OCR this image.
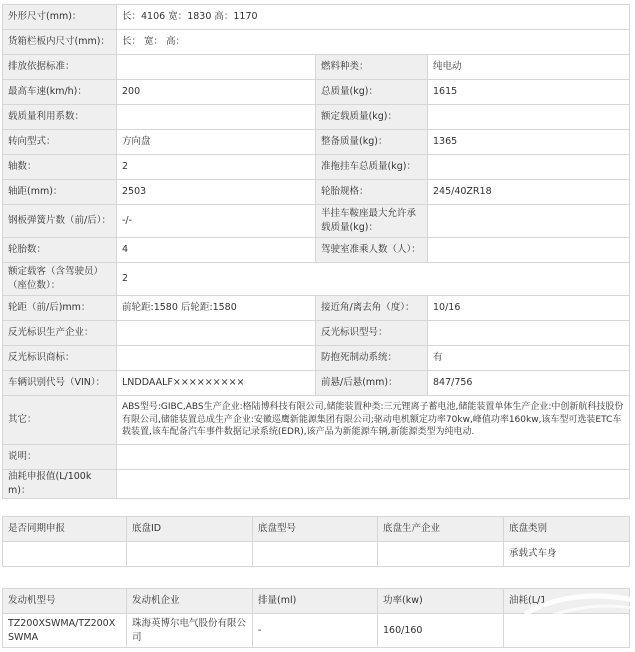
外形尺寸(mm)：	长：4106 宽：1830 高：1170		
货箱栏板内尺寸(mm)：	长： 宽： 高：		
排放依据标准：		燃料种类：	纯电动
最高车速(km/h)：	200	总质量(kg)：	1615
载质量利用系数：		额定载质量(kg)：	
转向型式：	方向盘	整备质量(kg)：	1365
轴数：	2	准拖挂车总质量(kg)：	
轴距(mm)：	2503	轮胎规格：	245/40ZR18
钢板弹簧片数（前/后）：	-/-	半挂车鞍座最大允许承载质量(kg)：	
轮胎数：	4	驾驶室准乘人数（人）：	
额定载客（含驾驶员）（座位数）：	2		
轮距（前/后)mm：	前轮距:1580 后轮距:1580	接近角/离去角（度）：	10/16
反光标识生产企业：		反光标识型号：	
反光标识商标：		防抱死制动系统：	有
车辆识别代号（VIN）：	LNDDAALF×××××××××	前悬/后悬(mm)：	847/756
其它：	ABS型号:GIBC,ABS生产企业:格陆博科技有限公司,储能装置种类:三元锂离子蓄电池,储能装置单体生产企业:中创新航科技股份有限公司,储能装置总成生产企业:安徽巡鹰新能源集团有限公司;驱动电机额定功率70kw,峰值功率160kw,该车型可选装ETC车载装置,该车配备汽车事件数据记录系统(EDR),该产品为新能源车辆,新能源类型为纯电动.		
说明：			
油耗申报值(L/100km)：			
是否同期申报	底盘ID	底盘型号	底盘生产企业	底盘类别
				承载式车身
发动机型号	发动机企业	排量(ml)	功率(kw)	油耗(L/1
TZ200XSWMA/TZ200XSWMA	珠海英博尔电气股份有限公司	-	160/160	
